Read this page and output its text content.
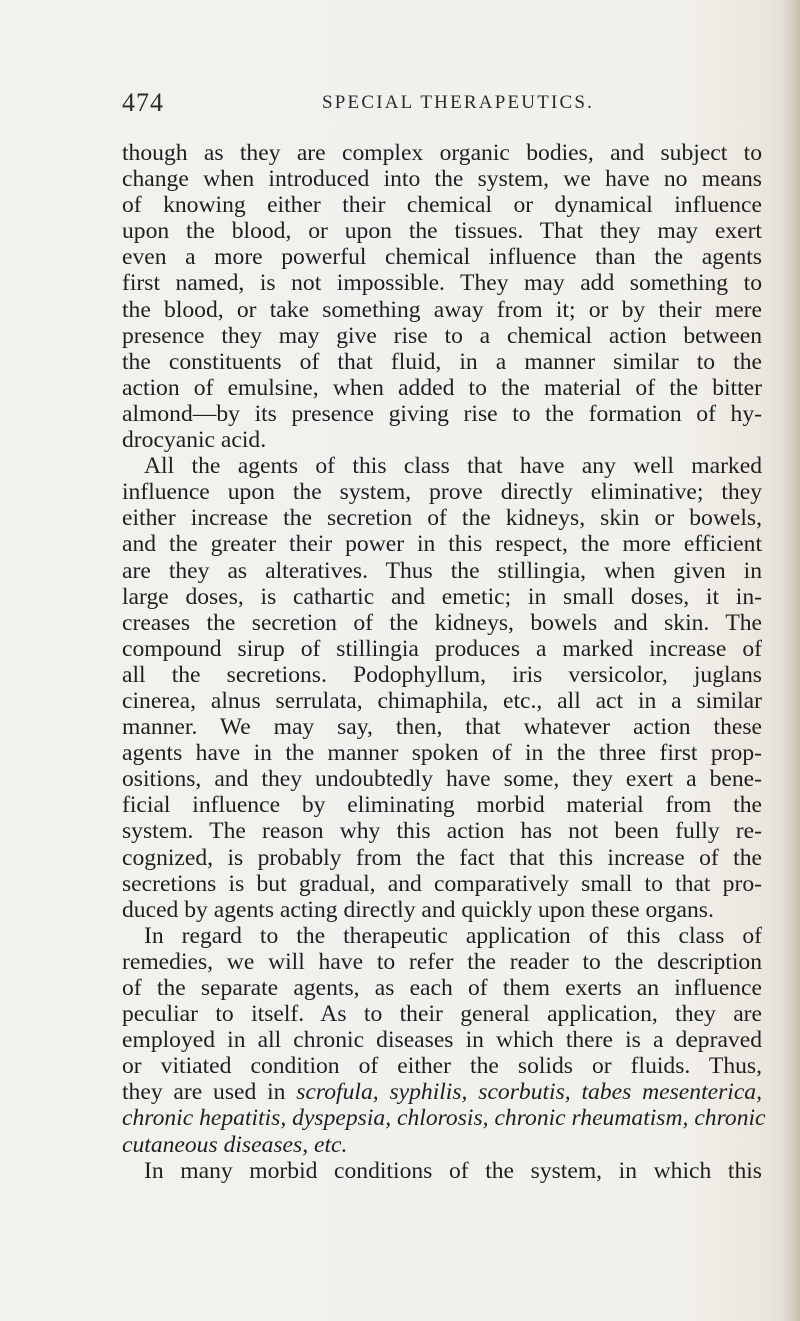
474	SPECIAL THERAPEUTICS.
though as they are complex organic bodies, and subject to
change when introduced into the system, we have no means
of knowing either their chemical or dynamical influence
upon the blood, or upon the tissues. That they may exert
even a more powerful chemical influence than the agents
first named, is not impossible. They may add something to
the blood, or take something away from it; or by their mere
presence they may give rise to a chemical action between
the constituents of that fluid, in a manner similar to the
action of emulsine, when added to the material of the bitter
almond—by its presence giving rise to the formation of hy-
drocyanic acid.
All the agents of this class that have any well marked
influence upon the system, prove directly eliminative; they
either increase the secretion of the kidneys, skin or bowels,
and the greater their power in this respect, the more efficient
are they as alteratives. Thus the stillingia, when given in
large doses, is cathartic and emetic; in small doses, it in-
creases the secretion of the kidneys, bowels and skin. The
compound sirup of stillingia produces a marked increase of
all the secretions. Podophyllum, iris versicolor, juglans
cinerea, alnus serrulata, chimaphila, etc., all act in a similar
manner. We may say, then, that whatever action these
agents have in the manner spoken of in the three first prop-
ositions, and they undoubtedly have some, they exert a bene-
ficial influence by eliminating morbid material from the
system. The reason why this action has not been fully re-
cognized, is probably from the fact that this increase of the
secretions is but gradual, and comparatively small to that pro-
duced by agents acting directly and quickly upon these organs.
In regard to the therapeutic application of this class of
remedies, we will have to refer the reader to the description
of the separate agents, as each of them exerts an influence
peculiar to itself. As to their general application, they are
employed in all chronic diseases in which there is a depraved
or vitiated condition of either the solids or fluids. Thus,
they are used in scrofula, syphilis, scorbutis, tabes mesenterica,
chronic hepatitis, dyspepsia, chlorosis, chronic rheumatism, chronic
cutaneous diseases, etc.
In many morbid conditions of the system, in which this
